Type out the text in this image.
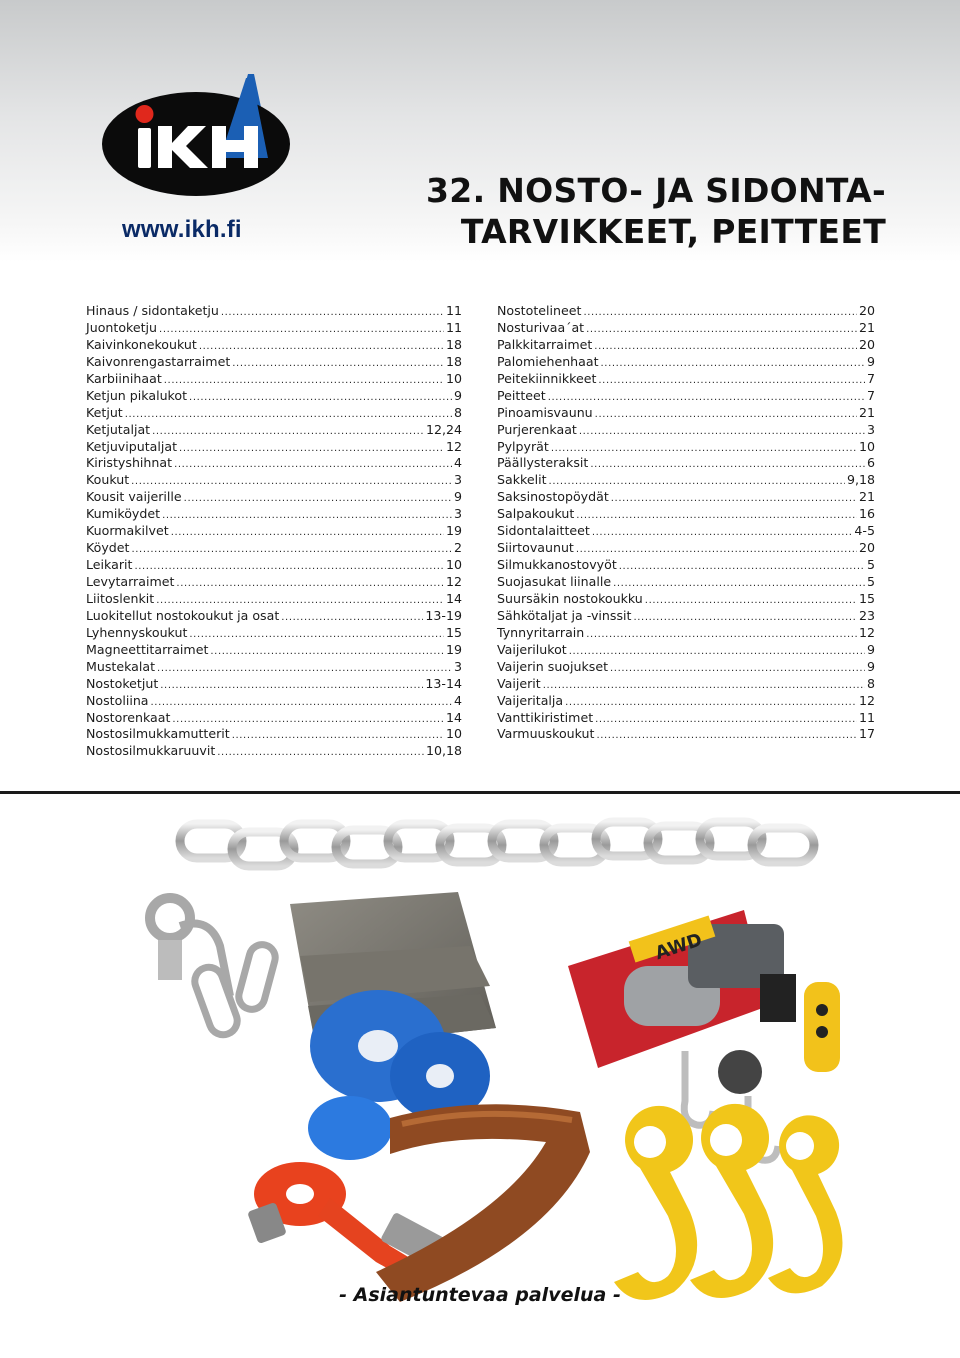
IKH
www.ikh.fi
32. NOSTO- JA SIDONTA-
TARVIKKEET, PEITTEET
Hinaus / sidontaketju .....	11
Juontoketju .....	11
Kaivinkonekoukut .....	18
Kaivonrengastarraimet .....	18
Karbiinihaat .....	10
Ketjun pikalukot .....	9
Ketjut .....	8
Ketjutaljat .....	12,24
Ketjuviputaljat .....	12
Kiristyshihnat .....	4
Koukut .....	3
Kousit vaijerille .....	9
Kumiköydet .....	3
Kuormakilvet .....	19
Köydet .....	2
Leikarit .....	10
Levytarraimet .....	12
Liitoslenkit .....	14
Luokitellut nostokoukut ja osat .....	13-19
Lyhennyskoukut .....	15
Magneettitarraimet .....	19
Mustekalat .....	3
Nostoketjut .....	13-14
Nostoliina .....	4
Nostorenkaat .....	14
Nostosilmukkamutterit .....	10
Nostosilmukkaruuvit .....	10,18
Nostotelineet .....	20
Nosturivaa´at .....	21
Palkkitarraimet .....	20
Palomiehenhaat .....	9
Peitekiinnikkeet .....	7
Peitteet .....	7
Pinoamisvaunu .....	21
Purjerenkaat .....	3
Pylpyrät .....	10
Päällysteraksit .....	6
Sakkelit .....	9,18
Saksinostopöydät .....	21
Salpakoukut .....	16
Sidontalaitteet .....	4-5
Siirtovaunut .....	20
Silmukkanostovyöt .....	5
Suojasukat liinalle .....	5
Suursäkin nostokoukku .....	15
Sähkötaljat ja -vinssit .....	23
Tynnyritarrain .....	12
Vaijerilukot .....	9
Vaijerin suojukset .....	9
Vaijerit .....	8
Vaijeritalja .....	12
Vanttikiristimet .....	11
Varmuuskoukut .....	17
AWD
- Asiantuntevaa palvelua -
